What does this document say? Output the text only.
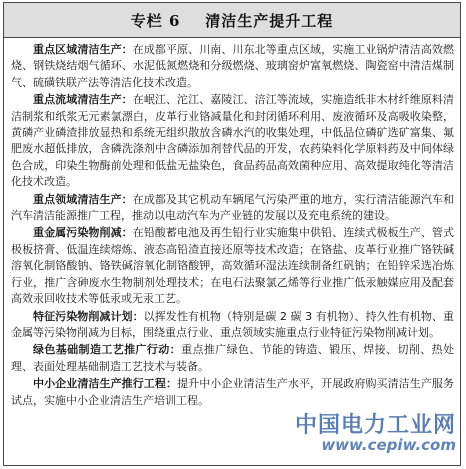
专栏 6    清洁生产提升工程

重点区域清洁生产：在成都平原、川南、川东北等重点区域，实施工业锅炉清洁高效燃烧、钢铁烧结烟气循环、水泥低氮燃烧和分级燃烧、玻璃窑炉富氧燃烧、陶瓷窑中清洁煤制气、硫磺铁联产法等清洁化技术改造。

重点流域清洁生产：在岷江、沱江、嘉陵江、涪江等流域，实施造纸非木材纤维原料清洁制浆和纸浆无元素氯漂白，皮革行业铬减量化和封闭循环利用、废液循环及高吸收染整，黄磷产业磷渣排放显热和系统无组织散放含磷水汽的收集处理，中低品位磷矿选矿富集、氟肥废水超低排放，含磷洗涤剂中含磷添加剂替代品的开发，农药染料化学原料药及中间体绿色合成，印染生物酶前处理和低盐无盐染色，食品药品高效菌种应用、高效提取纯化等清洁化技术改造。

重点领域清洁生产：在成都及其它机动车辆尾气污染严重的地方，实行清洁能源汽车和汽车清洁能源推广工程，推动以电动汽车为产业链的发展以及充电系统的建设。

重金属污染物削减：在铅酸蓄电池及再生铅行业实施集中供铅、连续式极板生产、管式极板挤膏、低温连续熔炼、液态高铅渣直接还原等技术改造；在铬盐、皮革行业推广铬铁碱溶氧化制铬酸钠、铬铁碱溶氧化制铬酸钾，高效循环湿法连续制备红矾钠；在铅锌采选冶炼行业，推广含砷废水生物制剂处理技术；在电石法聚氯乙烯等行业推广低汞触媒应用及配套高效汞回收技术等低汞或无汞工艺。

特征污染物削减计划：以挥发性有机物（特别是碳 2 碳 3 有机物）、持久性有机物、重金属等污染物削减为目标，围绕重点行业、重点领域实施重点行业特征污染物削减计划。

绿色基础制造工艺推广行动：重点推广绿色、节能的铸造、锻压、焊接、切削、热处理、表面处理基础制造工艺技术与装备。

中小企业清洁生产推行工程：提升中小企业清洁生产水平，开展政府购买清洁生产服务试点，实施中小企业清洁生产培训工程。

中国电力工业网
www.cepiw.com
